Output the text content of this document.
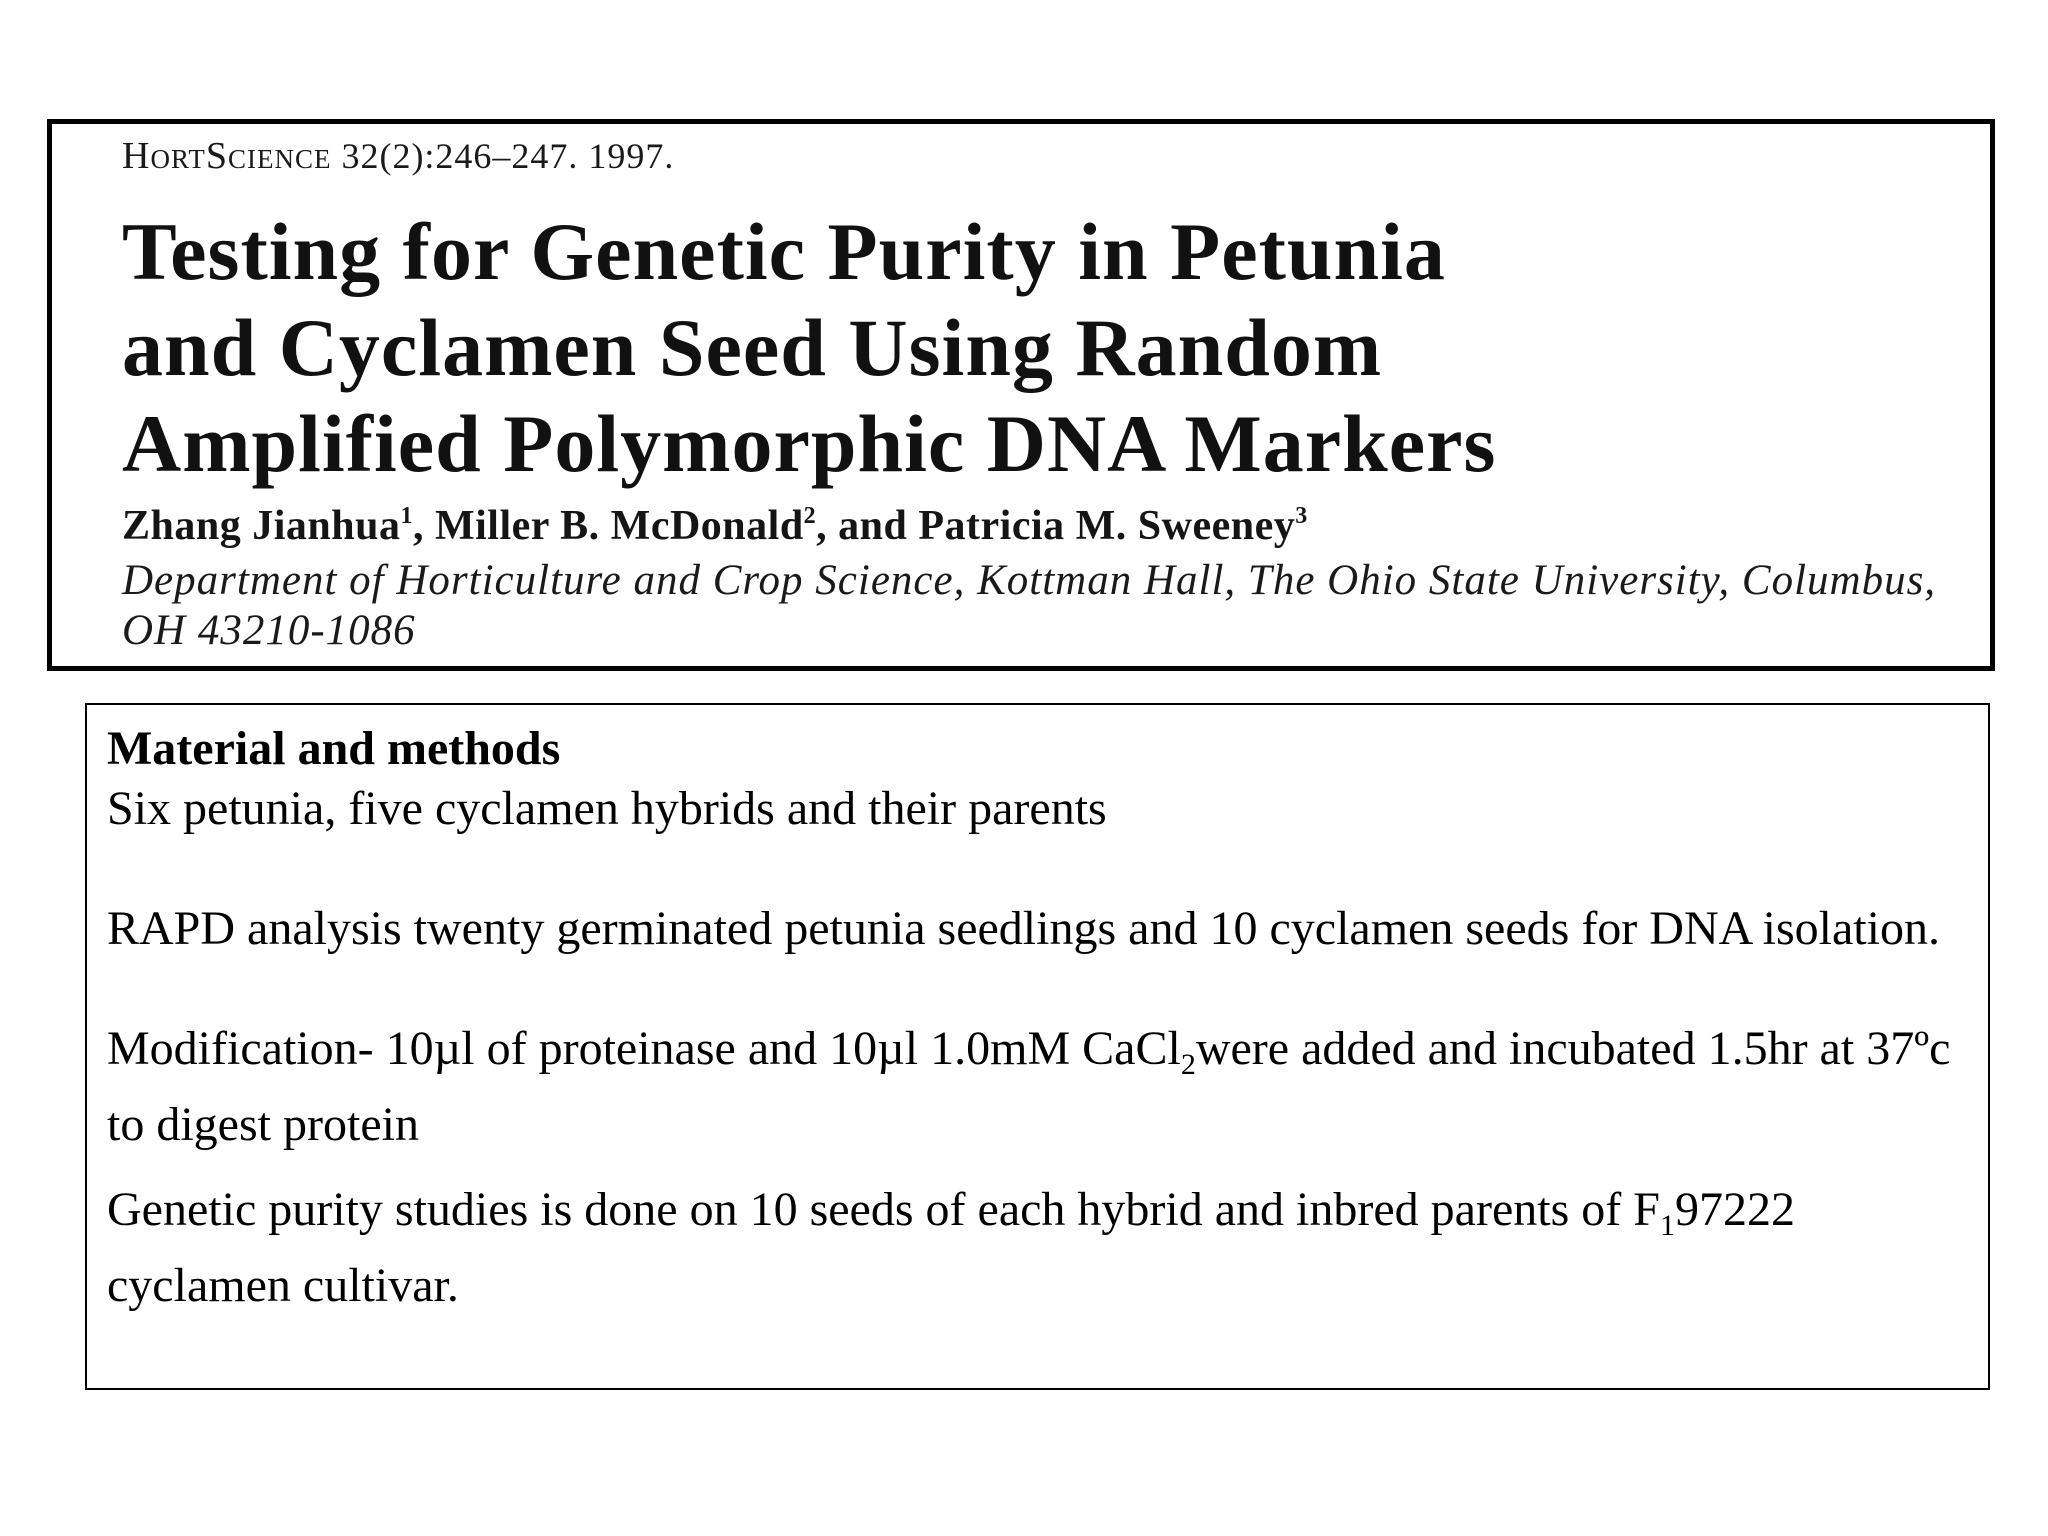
HortScience 32(2):246–247. 1997.
Testing for Genetic Purity in Petunia
and Cyclamen Seed Using Random
Amplified Polymorphic DNA Markers
Zhang Jianhua$^1$, Miller B. McDonald$^2$, and Patricia M. Sweeney$^3$
Department of Horticulture and Crop Science, Kottman Hall, The Ohio State University, Columbus, OH 43210-1086

Material and methods

Six petunia, five cyclamen hybrids and their parents

RAPD analysis twenty germinated petunia seedlings and 10 cyclamen seeds for DNA isolation.

Modification- 10µl of proteinase and 10µl 1.0mM CaCl$_2$were added and incubated 1.5hr at 37ºc to digest protein

Genetic purity studies is done on 10 seeds of each hybrid and inbred parents of $F_197222$ cyclamen cultivar.
